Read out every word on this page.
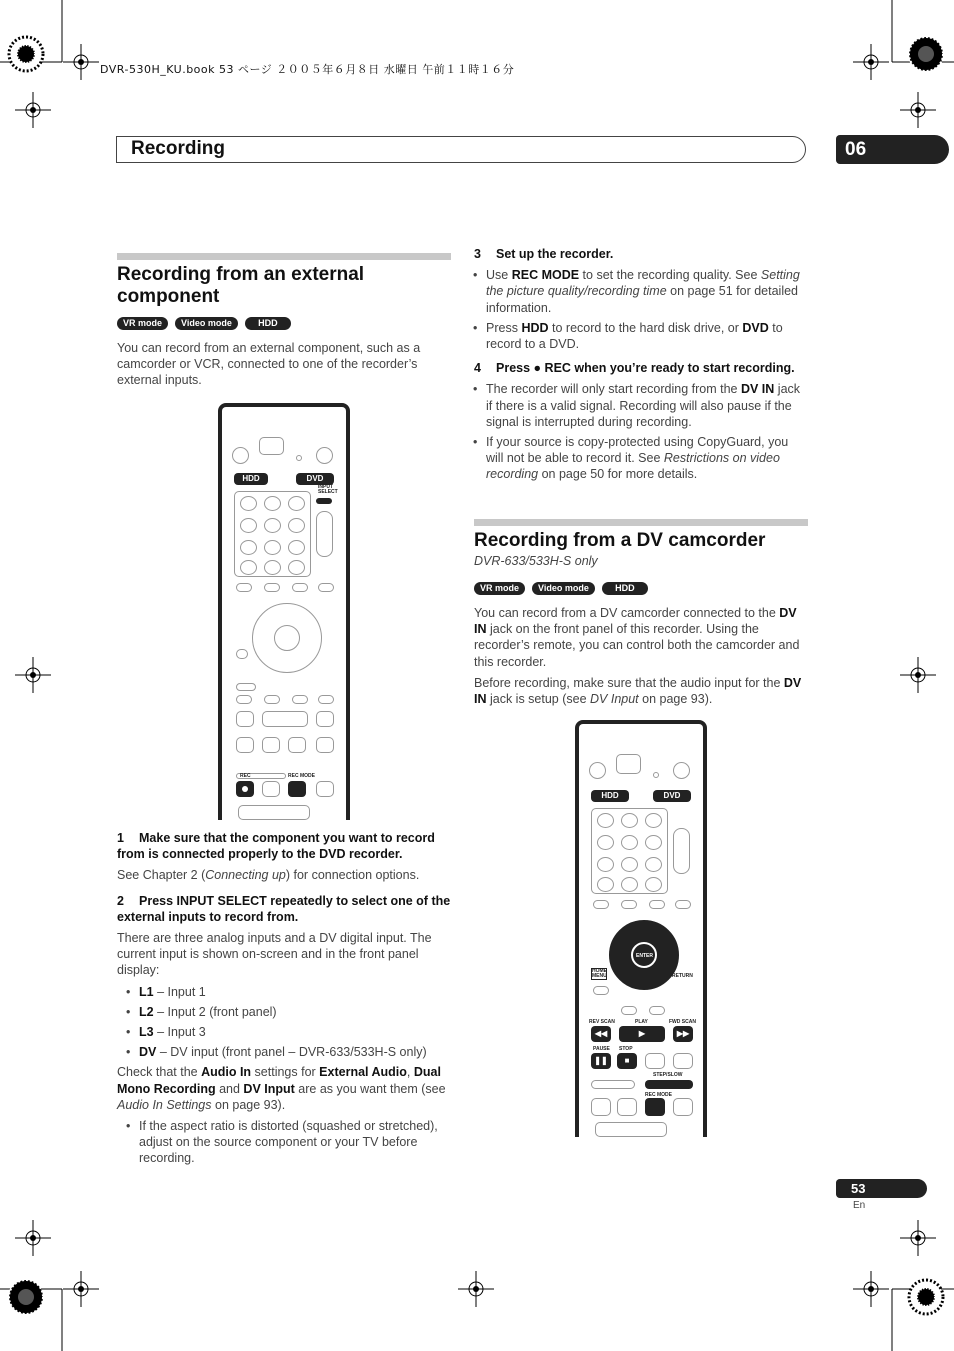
DVR-530H_KU.book 53 ページ ２００５年６月８日 水曜日 午前１１時１６分
Recording	06
Recording from an external component
VR mode	Video mode	HDD

You can record from an external component, such as a camcorder or VCR, connected to one of the recorder’s external inputs.

HDD	DVD
INPUT SELECT
REC	REC MODE

1 Make sure that the component you want to record from is connected properly to the DVD recorder.

See Chapter 2 (Connecting up) for connection options.

2 Press INPUT SELECT repeatedly to select one of the external inputs to record from.

There are three analog inputs and a DV digital input. The current input is shown on-screen and in the front panel display:

• L1 – Input 1
• L2 – Input 2 (front panel)
• L3 – Input 3
• DV – DV input (front panel – DVR-633/533H-S only)

Check that the Audio In settings for External Audio, Dual Mono Recording and DV Input are as you want them (see Audio In Settings on page 93).

• If the aspect ratio is distorted (squashed or stretched), adjust on the source component or your TV before recording.

3 Set up the recorder.

• Use REC MODE to set the recording quality. See Setting the picture quality/recording time on page 51 for detailed information.
• Press HDD to record to the hard disk drive, or DVD to record to a DVD.

4 Press ● REC when you’re ready to start recording.

• The recorder will only start recording from the DV IN jack if there is a valid signal. Recording will also pause if the signal is interrupted during recording.
• If your source is copy-protected using CopyGuard, you will not be able to record it. See Restrictions on video recording on page 50 for more details.
Recording from a DV camcorder
DVR-633/533H-S only
VR mode	Video mode	HDD

You can record from a DV camcorder connected to the DV IN jack on the front panel of this recorder. Using the recorder’s remote, you can control both the camcorder and this recorder.

Before recording, make sure that the audio input for the DV IN jack is setup (see DV Input on page 93).

HDD	DVD
ENTER
HOME MENU	RETURN
REV SCAN	PLAY	FWD SCAN
◀◀	▶	▶▶
PAUSE STOP
❚❚	■
STEP/SLOW
REC MODE
53
En
